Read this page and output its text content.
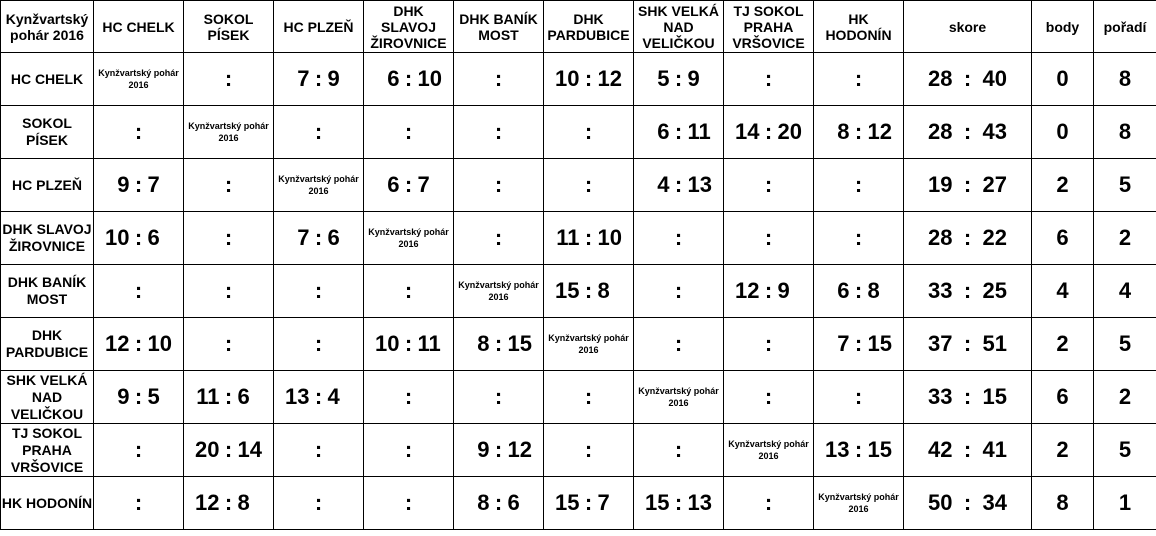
Kynžvartský pohár 2016	HC CHELK	SOKOL PÍSEK	HC PLZEŇ	DHK SLAVOJ ŽIROVNICE	DHK BANÍK MOST	DHK PARDUBICE	SHK VELKÁ NAD VELIČKOU	TJ SOKOL PRAHA VRŠOVICE	HK HODONÍN	skore	body	pořadí
HC CHELK	Kynžvartský pohár 2016	:	7 : 9	6 : 10	:	10 : 12	5 : 9	:	:	28 : 40	0	8
SOKOL PÍSEK	:	Kynžvartský pohár 2016	:	:	:	:	6 : 11	14 : 20	8 : 12	28 : 43	0	8
HC PLZEŇ	9 : 7	:	Kynžvartský pohár 2016	6 : 7	:	:	4 : 13	:	:	19 : 27	2	5
DHK SLAVOJ ŽIROVNICE	10 : 6	:	7 : 6	Kynžvartský pohár 2016	:	11 : 10	:	:	:	28 : 22	6	2
DHK BANÍK MOST	:	:	:	:	Kynžvartský pohár 2016	15 : 8	:	12 : 9	6 : 8	33 : 25	4	4
DHK PARDUBICE	12 : 10	:	:	10 : 11	8 : 15	Kynžvartský pohár 2016	:	:	7 : 15	37 : 51	2	5
SHK VELKÁ NAD VELIČKOU	9 : 5	11 : 6	13 : 4	:	:	:	Kynžvartský pohár 2016	:	:	33 : 15	6	2
TJ SOKOL PRAHA VRŠOVICE	:	20 : 14	:	:	9 : 12	:	:	Kynžvartský pohár 2016	13 : 15	42 : 41	2	5
HK HODONÍN	:	12 : 8	:	:	8 : 6	15 : 7	15 : 13	:	Kynžvartský pohár 2016	50 : 34	8	1
